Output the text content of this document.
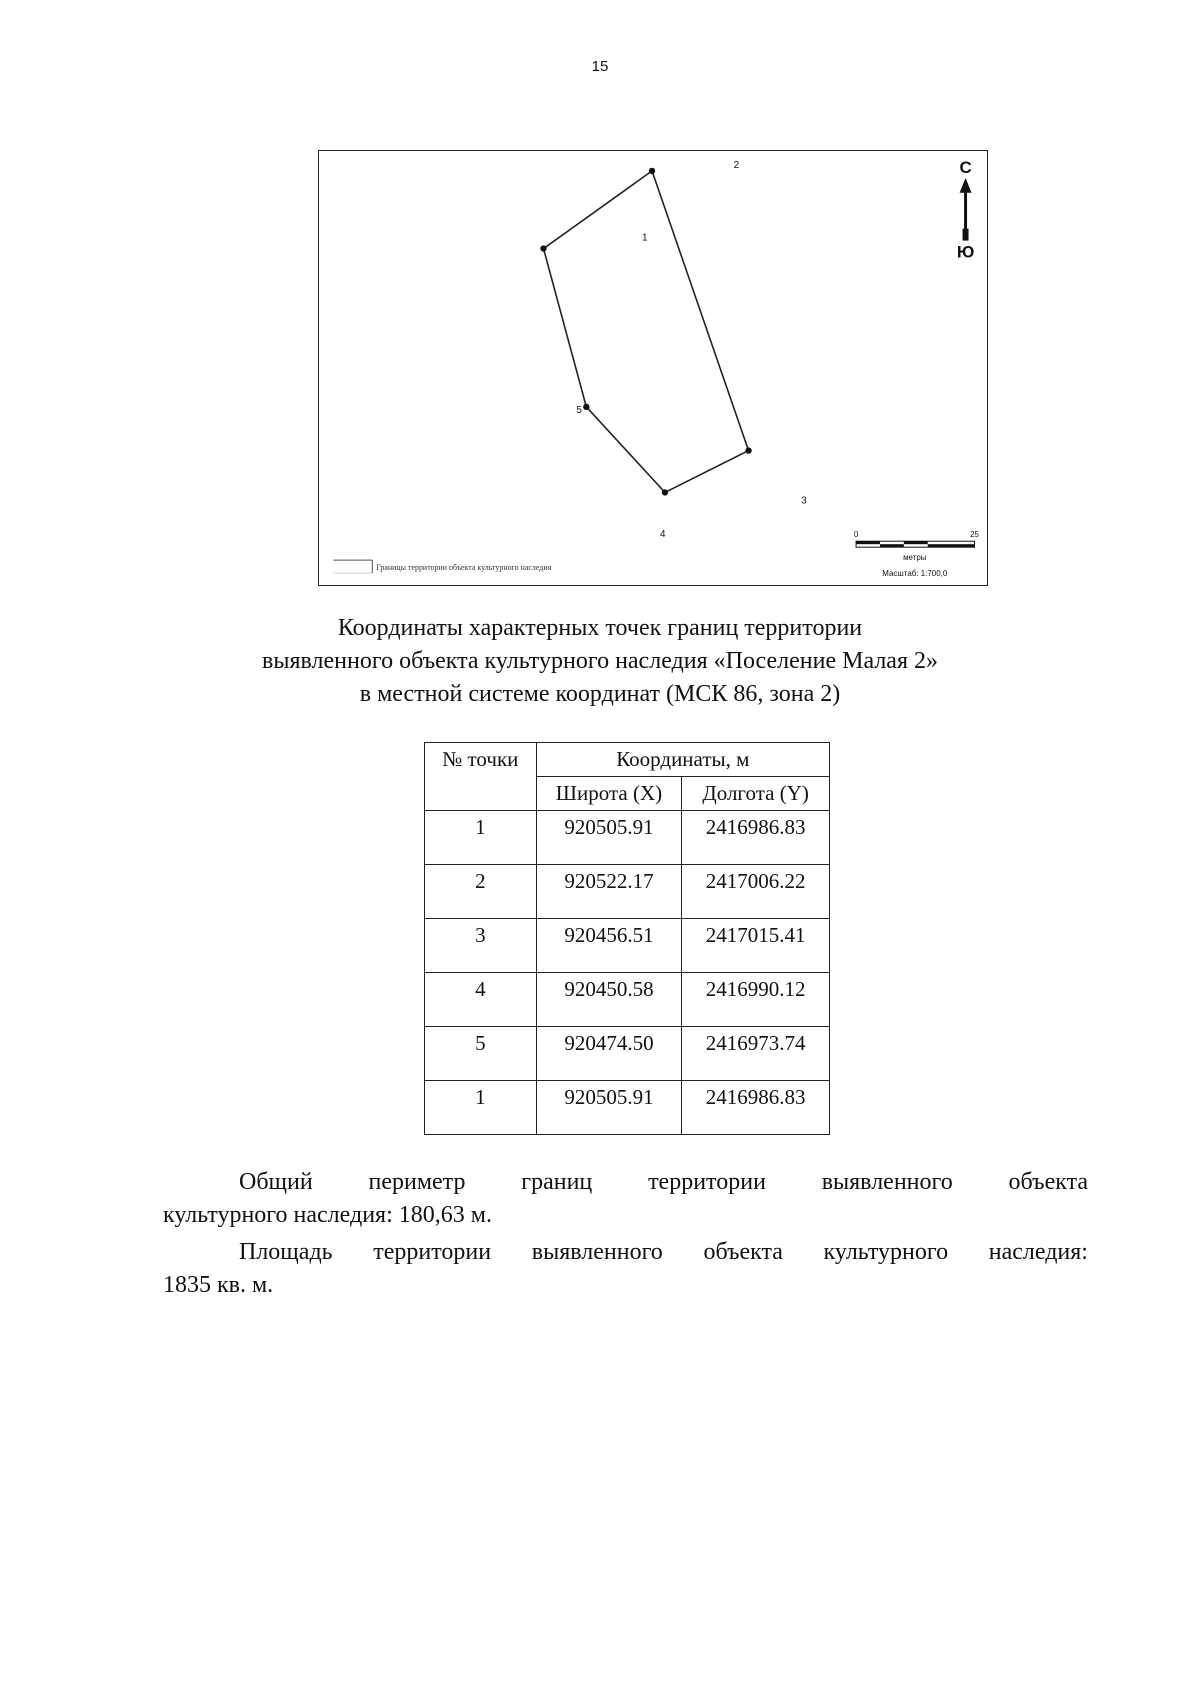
15
1
2
3
4
5
С
Ю
0	25
метры
Масштаб: 1:700,0
Границы территории объекта культурного наследия
Координаты характерных точек границ территории
выявленного объекта культурного наследия «Поселение Малая 2»
в местной системе координат (МСК 86, зона 2)
№ точки	Координаты, м	
	Широта (X)	Долгота (Y)
1	920505.91	2416986.83
2	920522.17	2417006.22
3	920456.51	2417015.41
4	920450.58	2416990.12
5	920474.50	2416973.74
1	920505.91	2416986.83
Общий периметр границ территории выявленного объекта
культурного наследия: 180,63 м.
Площадь территории выявленного объекта культурного наследия:
1835 кв. м.
